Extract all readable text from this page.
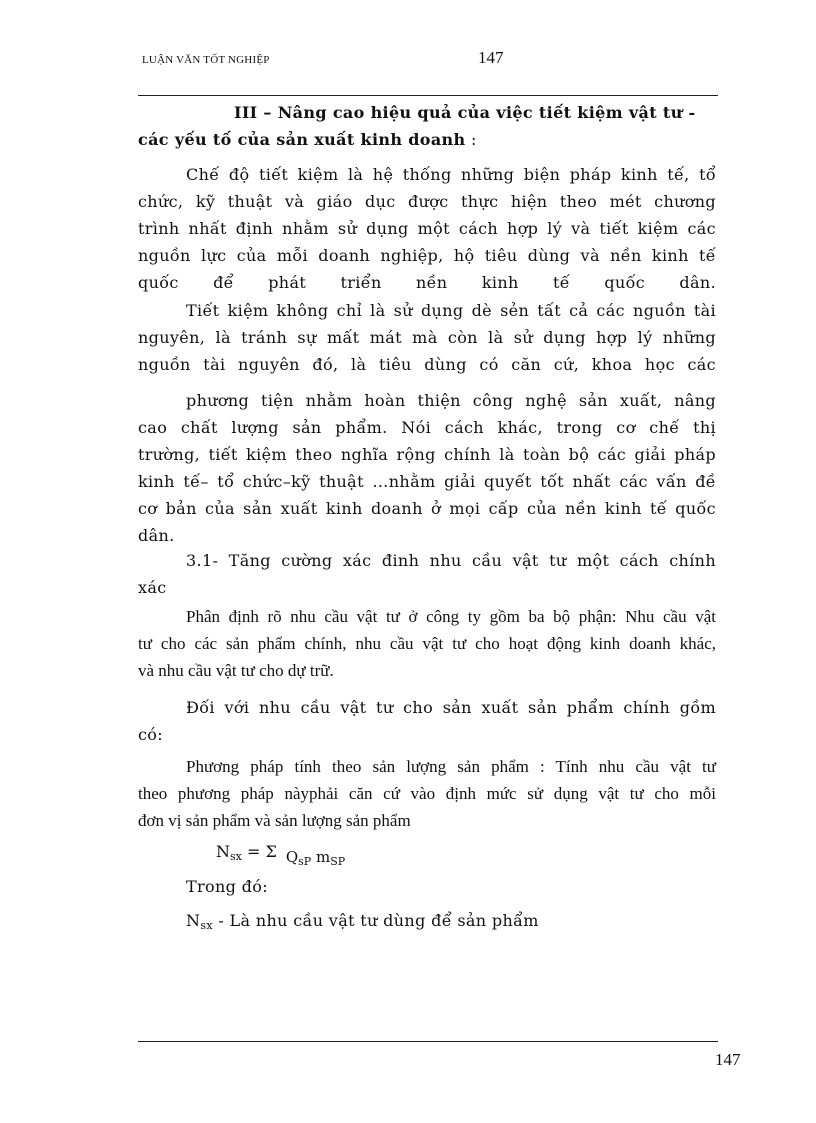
LUẬN VĂN TỐT NGHIỆP	147
III – Nâng cao hiệu quả của việc tiết kiệm vật tư -
các yếu tố của sản xuất kinh doanh :
Chế độ tiết kiệm là hệ thống những biện pháp kinh tế, tổ
chức, kỹ thuật và giáo dục được thực hiện theo mét chương
trình nhất định nhằm sử dụng một cách hợp lý và tiết kiệm các
nguồn lực của mỗi doanh nghiệp, hộ tiêu dùng và nền kinh tế
quốc để phát triển nền kinh tế quốc dân.
Tiết kiệm không chỉ là sử dụng dè sẻn tất cả các nguồn tài
nguyên, là tránh sự mất mát mà còn là sử dụng hợp lý những
nguồn tài nguyên đó, là tiêu dùng có căn cứ, khoa học các
phương tiện nhằm hoàn thiện công nghệ sản xuất, nâng
cao chất lượng sản phẩm. Nói cách khác, trong cơ chế thị
trường, tiết kiệm theo nghĩa rộng chính là toàn bộ các giải pháp
kinh tế– tổ chức–kỹ thuật …nhằm giải quyết tốt nhất các vấn đề
cơ bản của sản xuất kinh doanh ở mọi cấp của nền kinh tế quốc
dân.
3.1- Tăng cường xác đinh nhu cầu vật tư một cách chính
xác
Phân định rõ nhu cầu vật tư ở công ty gồm ba bộ phận: Nhu cầu vật
tư cho các sản phẩm chính, nhu cầu vật tư cho hoạt động kinh doanh khác,
và nhu cầu vật tư cho dự trữ.
Đối với nhu cầu vật tư cho sản xuất sản phẩm chính gồm
có:
Phương pháp tính theo sản lượng sản phẩm : Tính nhu cầu vật tư
theo phương pháp nàyphải căn cứ vào định mức sử dụng vật tư cho mỗi
đơn vị sản phẩm và sản lượng sản phẩm
$N_{sx} = \Sigma$ $Q_{sP}$ $m_{SP}$
Trong đó:
$N_{sx}$ - Là nhu cầu vật tư dùng để sản phẩm
147
